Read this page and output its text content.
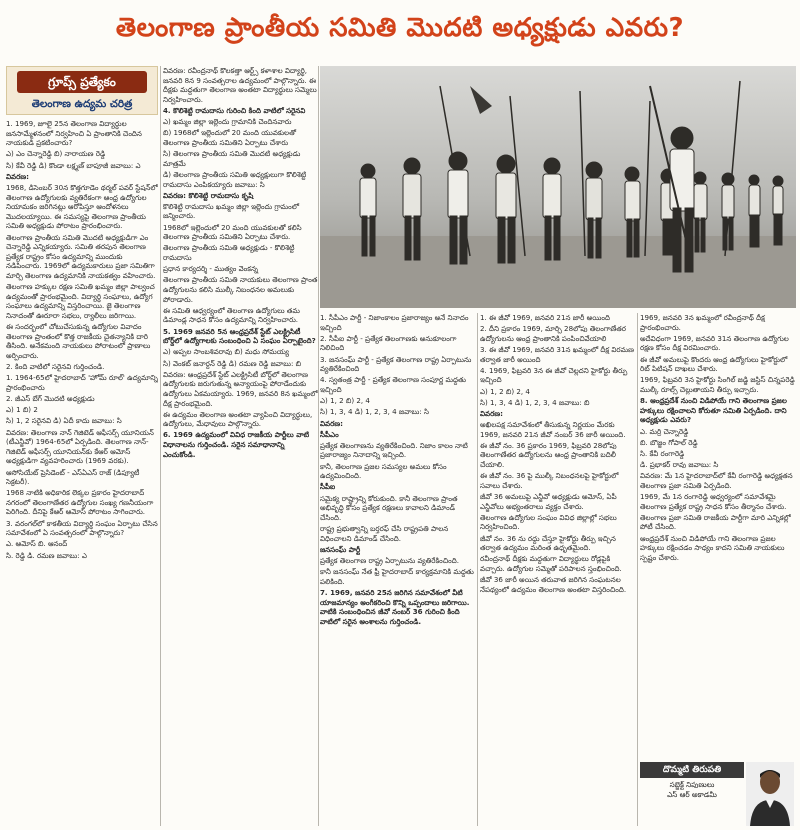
తెలంగాణ ప్రాంతీయ సమితి మొదటి అధ్యక్షుడు ఎవరు?
గ్రూప్స్ ప్రత్యేకం
తెలంగాణ ఉద్యమ చరిత్ర

1. 1969, జూలై 25న తెలంగాణ విద్యార్థుల జనసామ్మేళనంలో నిర్వహించి ఏ ప్రాంతానికి చెందిన నాయకుడి ప్రకటించారు?

ఎ) ఎం చెన్నారెడ్డి బి) నారాయణ రెడ్డి

సి) కేవీ రెడ్డి డి) కొండా లక్ష్మణ్ బాపూజీ జవాబు: ఎ

వివరణ:

1968, డిసెంబర్ 30న కొత్తగూడెం థర్మల్ పవర్ స్టేషన్‌లో తెలంగాణ ఉద్యోగులకు వ్యతిరేకంగా ఆంధ్ర ఉద్యోగుల నియామకం జరిగినట్లు ఆరోపిస్తూ ఆందోళనలు మొదలయ్యాయి. ఈ సమస్యపై తెలంగాణ ప్రాంతీయ సమితి అధ్యక్షుడు పోరాటం ప్రారంభించారు.

తెలంగాణ ప్రాంతీయ సమితి మొదటి అధ్యక్షుడిగా ఎం చెన్నారెడ్డి ఎన్నికయ్యారు. సమితి తరపున తెలంగాణ ప్రత్యేక రాష్ట్రం కోసం ఉద్యమాన్ని ముందుకు నడిపించారు. 1969లో ఉద్యమకారులు ప్రజా సమితిగా మార్చి తెలంగాణ ఉద్యమానికి నాయకత్వం వహించారు.

తెలంగాణ హక్కుల రక్షణ సమితి ఖమ్మం జిల్లా పాల్వంచ ఉద్యమంతో ప్రారంభమైంది. విద్యార్థి సంఘాలు, ఉద్యోగ సంఘాలు ఉద్యమాన్ని విస్తరించాయి. జై తెలంగాణ నినాదంతో ఊరూరా సభలు, ర్యాలీలు జరిగాయి.

ఈ సందర్భంలో చోటుచేసుకున్న ఉద్యోగుల వివాదం తెలంగాణ ప్రాంతంలో కొత్త రాజకీయ చైతన్యానికి దారి తీసింది. అనేకమంది నాయకులు పోరాటంలో ప్రాణాలు అర్పించారు.

2. కింది వాటిలో సరైనవి గుర్తించండి.

1. 1964-65లో హైదరాబాద్ 'హోమ్ రూల్' ఉద్యమాన్ని ప్రారంభించారు

2. జీఎస్ బేగ్ మొదటి అధ్యక్షుడు

ఎ) 1 బి) 2

సి) 1, 2 సరైనవి డి) ఏదీ కాదు జవాబు: సి

వివరణ: తెలంగాణ నాన్ గెజిటెడ్ ఆఫీసర్స్ యూనియన్ (టీఎన్జీవో) 1964-65లో ఏర్పడింది. తెలంగాణ నాన్-గెజిటెడ్ ఆఫీసర్స్ యూనియన్‌కు కేఆర్ ఆమోస్ అధ్యక్షుడిగా వ్యవహరించారు (1969 వరకు).

ఆసోసియేట్ ప్రెసిడెంట్ - ఎస్ఏఎస్ రాజ్ (డిప్యూటీ సెక్రటరీ).

1968 నాటికి అధికారిక లెక్కల ప్రకారం హైదరాబాద్ నగరంలో తెలంగాణేతర ఉద్యోగుల సంఖ్య గణనీయంగా పెరిగింది. దీనిపై కేఆర్ ఆమోస్ పోరాటం సాగించారు.

3. వరంగల్‌లో కాకతీయ విద్యార్థి సంఘం ఏర్పాటు చేసిన సమావేశంలో ఏ సంవత్సరంలో పాల్గొన్నారు?

ఎ. ఆమోస్ బి. ఆనంద్

సి. రెడ్డి డి. రమణ జవాబు: ఎ

వివరణ: రవీంద్రనాథ్ కొలకత్తా ఆర్ట్స్ కళాశాల విద్యార్థి, జనవరి 8న 9 సంవత్సరాల ఉద్యమంలో పాల్గొన్నారు. ఈ దీక్షకు మద్దతుగా తెలంగాణ అంతటా విద్యార్థులు సమ్మెలు నిర్వహించారు.

4. కొలిశెట్టి రామదాసు గురించి కింది వాటిలో సరైనవి

ఎ) ఖమ్మం జిల్లా ఇల్లెందు గ్రామానికి చెందినవారు

బి) 1968లో ఇల్లెందులో 20 మంది యువకులతో తెలంగాణ ప్రాంతీయ సమితిని ఏర్పాటు చేశారు

సి) తెలంగాణ ప్రాంతీయ సమితి మొదటి అధ్యక్షుడు మాత్రమే

డి) తెలంగాణ ప్రాంతీయ సమితి అధ్యక్షులుగా కొలిశెట్టి రామదాసు ఎంపికయ్యారు జవాబు: సి

వివరణ: కొలిశెట్టి రామదాసు కృషి

కొలిశెట్టి రామదాసు ఖమ్మం జిల్లా ఇల్లెందు గ్రామంలో జన్మించారు.

1968లో ఇల్లెందులో 20 మంది యువకులతో కలిసి తెలంగాణ ప్రాంతీయ సమితిని ఏర్పాటు చేశారు.

తెలంగాణ ప్రాంతీయ సమితి అధ్యక్షుడు - కొలిశెట్టి రామదాసు

ప్రధాన కార్యదర్శి - ముత్యం వెంకన్న

తెలంగాణ ప్రాంతీయ సమితి నాయకులు తెలంగాణ ప్రాంత ఉద్యోగులను కలిసి ముల్కీ నిబంధనల అమలుకు పోరాడారు.

ఈ సమితి ఆధ్వర్యంలో తెలంగాణ ఉద్యోగులు తమ డిమాండ్ల సాధన కోసం ఉద్యమాన్ని నిర్వహించారు.

5. 1969 జనవరి 5న ఆంధ్రప్రదేశ్ స్టేట్ ఎలక్ట్రిసిటీ బోర్డ్‌లో ఉద్యోగాలకు సంబంధించి ఏ సంఘం ఏర్పాటైంది?

ఎ) అప్పల సాంబశివరావు బి) మధు సోమయ్య

సి) వెంకట్ జనార్దన్ రెడ్డి డి) రమణ రెడ్డి జవాబు: బి

వివరణ: ఆంధ్రప్రదేశ్ స్టేట్ ఎలక్ట్రిసిటీ బోర్డ్‌లో తెలంగాణ ఉద్యోగులకు జరుగుతున్న అన్యాయంపై పోరాడేందుకు ఉద్యోగులు ఏకమయ్యారు. 1969, జనవరి 8న ఖమ్మంలో దీక్ష ప్రారంభమైంది.

ఈ ఉద్యమం తెలంగాణ అంతటా వ్యాపించి విద్యార్థులు, ఉద్యోగులు, మేధావులు పాల్గొన్నారు.

6. 1969 ఉద్యమంలో వివిధ రాజకీయ పార్టీలు వాటి విధానాలను గుర్తించండి. సరైన సమాధానాన్ని ఎంచుకోండి.

1. సీపీఎం పార్టీ - నిజాంకాలం ప్రజారాజ్యం అనే నినాదం ఇచ్చింది

2. సీపీఐ పార్టీ - ప్రత్యేక తెలంగాణకు అనుకూలంగా నిలిచింది

3. జనసంఘ్ పార్టీ - ప్రత్యేక తెలంగాణ రాష్ట్ర ఏర్పాటును వ్యతిరేకించింది

4. స్వతంత్ర పార్టీ - ప్రత్యేక తెలంగాణ సంపూర్ణ మద్దతు ఇచ్చింది

ఎ) 1, 2 బి) 2, 4

సి) 1, 3, 4 డి) 1, 2, 3, 4 జవాబు: సి

వివరణ:

సీపీఎం

ప్రత్యేక తెలంగాణను వ్యతిరేకించింది. నిజాం కాలం నాటి ప్రజారాజ్యం నినాదాన్ని ఇచ్చింది.

కానీ, తెలంగాణ ప్రజల సమస్యల అమలు కోసం ఉద్యమించింది.

సీపీఐ

సమైక్య రాష్ట్రాన్ని కోరుకుంది. కానీ తెలంగాణ ప్రాంత అభివృద్ధి కోసం ప్రత్యేక రక్షణలు కావాలని డిమాండ్ చేసింది.

రాష్ట్ర ప్రభుత్వాన్ని బర్తరఫ్ చేసి రాష్ట్రపతి పాలన విధించాలని డిమాండ్ చేసింది.

జనసంఘ్ పార్టీ

ప్రత్యేక తెలంగాణ రాష్ట్ర ఏర్పాటును వ్యతిరేకించింది.

కానీ జనసంఘ్ నేత ఫ్రీ హైదరాబాద్ కార్యక్రమానికి మద్దతు పలికింది.

7. 1969, జనవరి 25న జరిగిన సమావేశంలో వీటి యాజమాన్యం అంగీకరించి కొన్ని ఒప్పందాలు జరిగాయి. వాటికి సంబంధించిన జీవో నంబర్ 36 గురించి కింది వాటిలో సరైన అంశాలను గుర్తించండి.

1. ఈ జీవో 1969, జనవరి 21న జారీ అయింది

2. దీని ప్రకారం 1969, మార్చి 28లోపు తెలంగాణేతర ఉద్యోగులను ఆంధ్ర ప్రాంతానికి పంపించివేయాలి

3. ఈ జీవో 1969, జనవరి 31న ఖమ్మంలో దీక్ష విరమణ తర్వాత జారీ అయింది

4. 1969, ఫిబ్రవరి 3న ఈ జీవో చెల్లదని హైకోర్టు తీర్పు ఇచ్చింది

ఎ) 1, 2 బి) 2, 4

సి) 1, 3, 4 డి) 1, 2, 3, 4 జవాబు: బి

వివరణ:

అఖిలపక్ష సమావేశంలో తీసుకున్న నిర్ణయం మేరకు 1969, జనవరి 21న జీవో నంబర్ 36 జారీ అయింది.

ఈ జీవో నం. 36 ప్రకారం 1969, ఫిబ్రవరి 28లోపు తెలంగాణేతర ఉద్యోగులను ఆంధ్ర ప్రాంతానికి బదిలీ చేయాలి.

ఈ జీవో నం. 36 పై ముల్కీ నిబంధనలపై హైకోర్టులో సవాలు చేశారు.

జీవో 36 అమలుపై ఎన్జీవో అధ్యక్షుడు అమోస్, ఏపీ ఎన్జీవోలు అభ్యంతరాలు వ్యక్తం చేశారు.

తెలంగాణ ఉద్యోగుల సంఘం వివిధ జిల్లాల్లో సభలు నిర్వహించింది.

జీవో నం. 36 ను రద్దు చేస్తూ హైకోర్టు తీర్పు ఇచ్చిన తర్వాత ఉద్యమం మరింత ఉధృతమైంది.

రవీంద్రనాథ్ దీక్షకు మద్దతుగా విద్యార్థులు రోడ్లపైకి వచ్చారు. ఉద్యోగుల సమ్మెతో పరిపాలన స్తంభించింది.

జీవో 36 జారీ అయిన తరువాత జరిగిన సంఘటనల నేపథ్యంలో ఉద్యమం తెలంగాణ అంతటా విస్తరించింది.

1969, జనవరి 3న ఖమ్మంలో రవీంద్రనాథ్ దీక్ష ప్రారంభించారు.

అదేవిధంగా 1969, జనవరి 31న తెలంగాణ ఉద్యోగుల రక్షణ కోసం దీక్ష విరమించారు.

ఈ జీవో అమలుపై కొందరు ఆంధ్ర ఉద్యోగులు హైకోర్టులో రిట్ పిటిషన్ దాఖలు చేశారు.

1969, ఫిబ్రవరి 3న హైకోర్టు సింగిల్ జడ్జి జస్టిస్ చిన్నపరెడ్డి ముల్కీ రూల్స్ చెల్లుతాయని తీర్పు ఇచ్చారు.

8. ఆంధ్రప్రదేశ్ నుంచి విడిపోయే గాని తెలంగాణ ప్రజల హక్కులు రక్షించాలని కోరుతూ సమితి ఏర్పడింది. దాని అధ్యక్షుడు ఎవరు?

ఎ. మర్రి చెన్నారెడ్డి

బి. బొజ్జం గోపాల్ రెడ్డి

సి. కేవీ రంగారెడ్డి

డి. ప్రభాకర్ రావు జవాబు: సి

వివరణ: మే 1న హైదరాబాద్‌లో కేవీ రంగారెడ్డి అధ్యక్షతన తెలంగాణ ప్రజా సమితి ఏర్పడింది.

1969, మే 1న రంగారెడ్డి ఆధ్వర్యంలో సమావేశమై తెలంగాణ ప్రత్యేక రాష్ట్ర సాధన కోసం తీర్మానం చేశారు.

తెలంగాణ ప్రజా సమితి రాజకీయ పార్టీగా మారి ఎన్నికల్లో పోటీ చేసింది.

ఆంధ్రప్రదేశ్ నుంచి విడిపోయే గాని తెలంగాణ ప్రజల హక్కులు రక్షించడం సాధ్యం కాదని సమితి నాయకులు స్పష్టం చేశారు.

దొమ్మటి తిరుపతి
సబ్జెక్ట్ నిపుణులు
ఎస్ ఆర్ అకాడమీ
